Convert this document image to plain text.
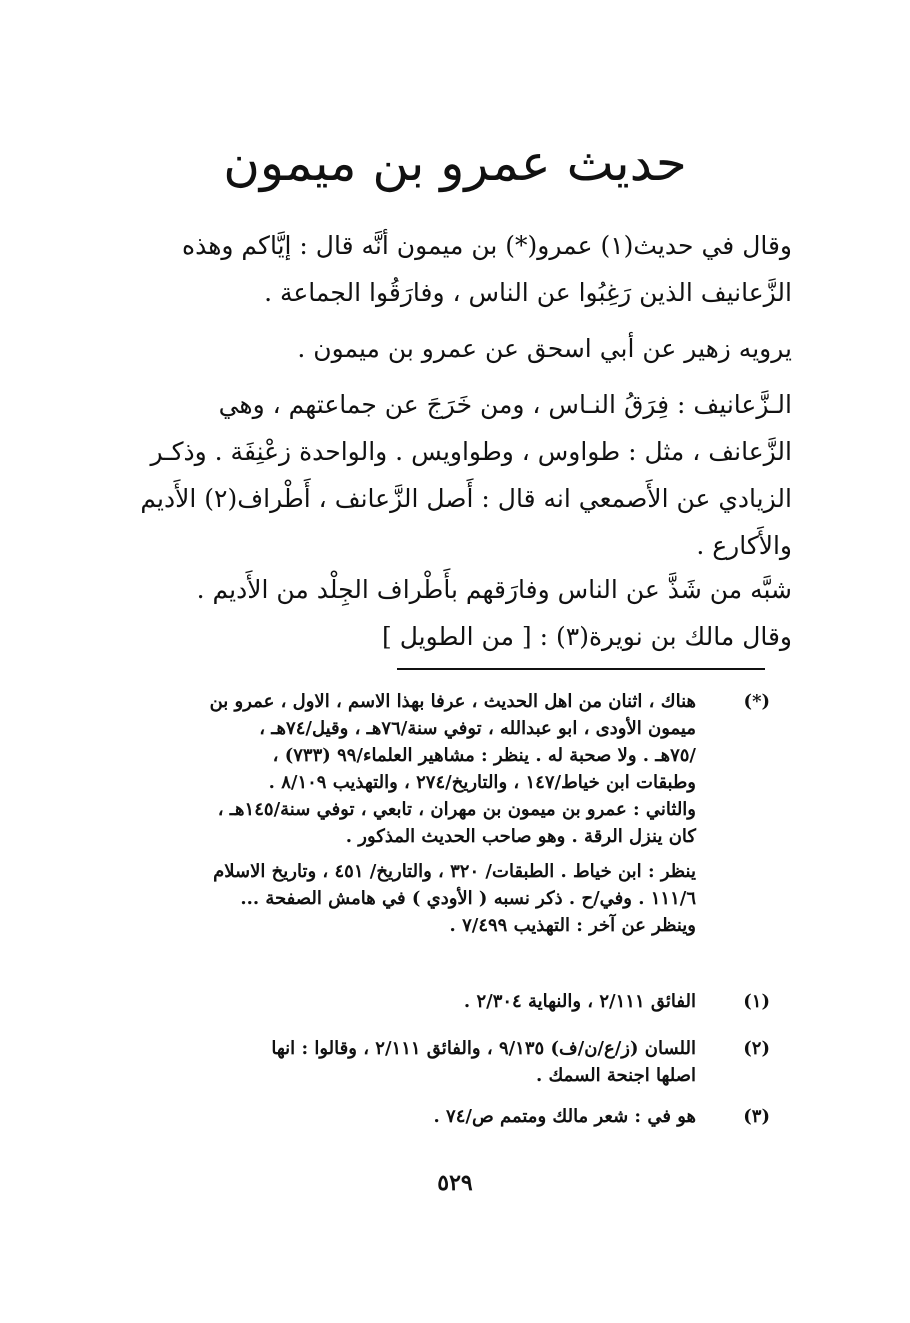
حديث عمرو بن ميمون

وقال في حديث(١) عمرو(*) بن ميمون أنَّه قال : إيَّاكم وهذه

الزَّعانيف الذين رَغِبُوا عن الناس ، وفارَقُوا الجماعة .

يرويه زهير عن أبي اسحق عن عمرو بن ميمون .

الـزَّعانيف : فِرَقُ النـاس ، ومن خَرَجَ عن جماعتهم ، وهي

الزَّعانف ، مثل : طواوس ، وطواويس . والواحدة زعْنِفَة . وذكـر

الزيادي عن الأَصمعي انه قال : أَصل الزَّعانف ، أَطْراف(٢) الأَديم

والأَكارع .

شبَّه من شَذَّ عن الناس وفارَقهم بأَطْراف الجِلْد من الأَديم .

وقال مالك بن نويرة(٣) : [ من الطويل ]

(*)

هناك ، اثنان من اهل الحديث ، عرفا بهذا الاسم ، الاول ، عمرو بن

ميمون الأودى ، ابو عبدالله ، توفي سنة/٧٦هـ ، وقيل/٧٤هـ ،

/٧٥هـ . ولا صحبة له . ينظر : مشاهير العلماء/٩٩ (٧٣٣) ،

وطبقات ابن خياط/١٤٧ ، والتاريخ/٢٧٤ ، والتهذيب ٨/١٠٩ .

والثاني : عمرو بن ميمون بن مهران ، تابعي ، توفي سنة/١٤٥هـ ،

كان ينزل الرقة . وهو صاحب الحديث المذكور .

ينظر : ابن خياط . الطبقات/ ٣٢٠ ، والتاريخ/ ٤٥١ ، وتاريخ الاسلام

١١١/٦ . وفي/ح . ذكر نسبه ( الأودي ) في هامش الصفحة ...

وينظر عن آخر : التهذيب ٧/٤٩٩ .

(١)

الفائق ٢/١١١ ، والنهاية ٢/٣٠٤ .

(٢)

اللسان (ز/ع/ن/ف) ٩/١٣٥ ، والفائق ٢/١١١ ، وقالوا : انها

اصلها اجنحة السمك .

(٣)

هو في : شعر مالك ومتمم ص/٧٤ .

٥٢٩
